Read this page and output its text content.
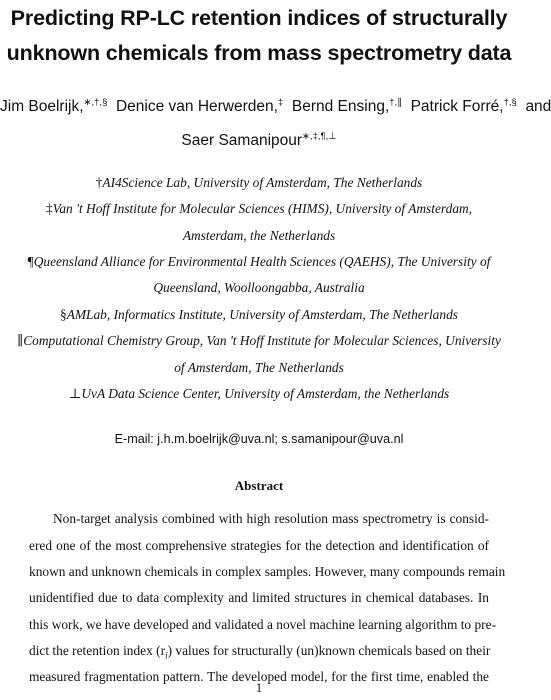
Predicting RP-LC retention indices of structurally
unknown chemicals from mass spectrometry data
Jim Boelrijk,∗,†,§ Denice van Herwerden,‡ Bernd Ensing,†,∥ Patrick Forré,†,§ and
Saer Samanipour∗,‡,¶,⊥
†AI4Science Lab, University of Amsterdam, The Netherlands
‡Van 't Hoff Institute for Molecular Sciences (HIMS), University of Amsterdam,
Amsterdam, the Netherlands
¶Queensland Alliance for Environmental Health Sciences (QAEHS), The University of
Queensland, Woolloongabba, Australia
§AMLab, Informatics Institute, University of Amsterdam, The Netherlands
∥Computational Chemistry Group, Van 't Hoff Institute for Molecular Sciences, University
of Amsterdam, The Netherlands
⊥UvA Data Science Center, University of Amsterdam, the Netherlands
E-mail: j.h.m.boelrijk@uva.nl; s.samanipour@uva.nl
Abstract
Non-target analysis combined with high resolution mass spectrometry is consid-
ered one of the most comprehensive strategies for the detection and identification of
known and unknown chemicals in complex samples. However, many compounds remain
unidentified due to data complexity and limited structures in chemical databases. In
this work, we have developed and validated a novel machine learning algorithm to pre-
dict the retention index $(r_i)$ values for structurally (un)known chemicals based on their
measured fragmentation pattern. The developed model, for the first time, enabled the
1
